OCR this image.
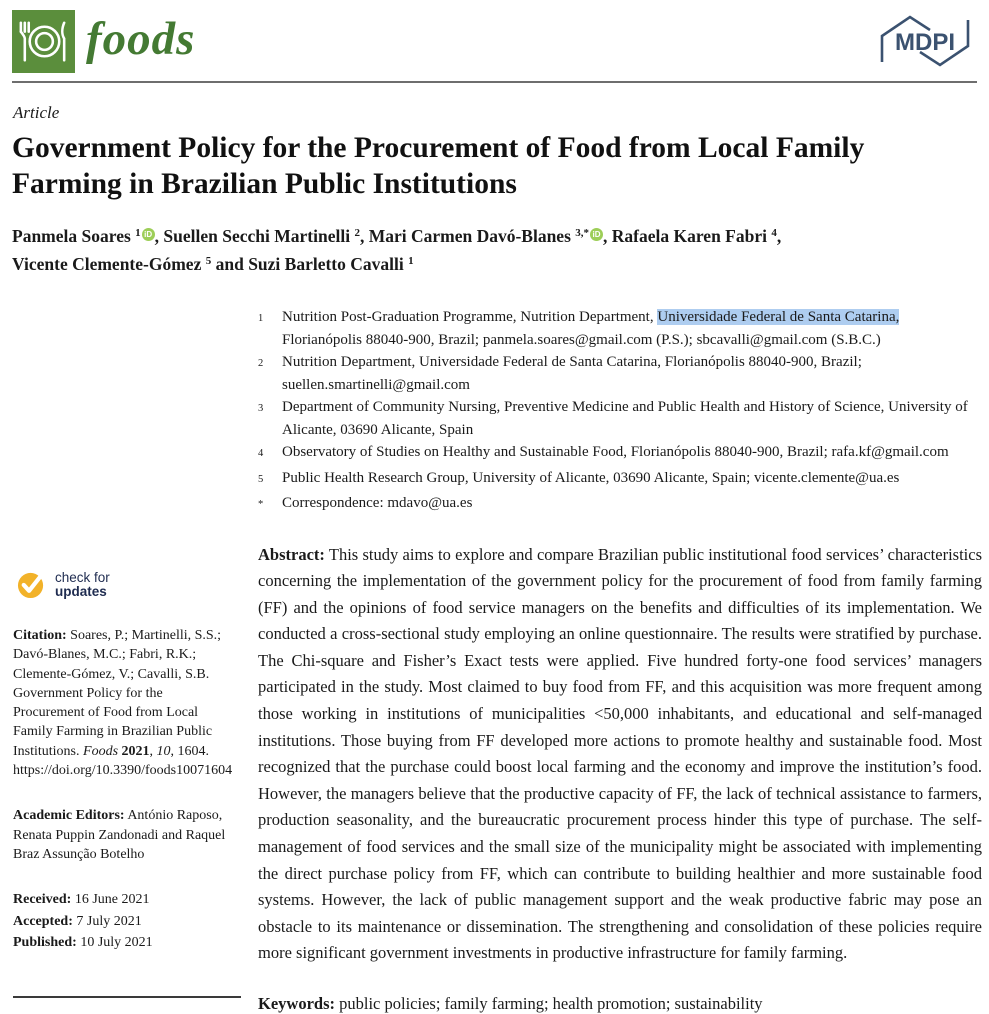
foods	MDPI
Article
Government Policy for the Procurement of Food from Local Family Farming in Brazilian Public Institutions
Panmela Soares $^1$ iD , Suellen Secchi Martinelli $^2$, Mari Carmen Davó-Blanes $^{3,*}$ iD , Rafaela Karen Fabri $^4$,
Vicente Clemente-Gómez $^5$ and Suzi Barletto Cavalli $^1$
1	Nutrition Post-Graduation Programme, Nutrition Department, Universidade Federal de Santa Catarina, Florianópolis 88040-900, Brazil; panmela.soares@gmail.com (P.S.); sbcavalli@gmail.com (S.B.C.)
2	Nutrition Department, Universidade Federal de Santa Catarina, Florianópolis 88040-900, Brazil; suellen.smartinelli@gmail.com
3	Department of Community Nursing, Preventive Medicine and Public Health and History of Science, University of Alicante, 03690 Alicante, Spain
4	Observatory of Studies on Healthy and Sustainable Food, Florianópolis 88040-900, Brazil; rafa.kf@gmail.com
5	Public Health Research Group, University of Alicante, 03690 Alicante, Spain; vicente.clemente@ua.es
*	Correspondence: mdavo@ua.es

Abstract: This study aims to explore and compare Brazilian public institutional food services’ characteristics concerning the implementation of the government policy for the procurement of food from family farming (FF) and the opinions of food service managers on the benefits and difficulties of its implementation. We conducted a cross-sectional study employing an online questionnaire. The results were stratified by purchase. The Chi-square and Fisher’s Exact tests were applied. Five hundred forty-one food services’ managers participated in the study. Most claimed to buy food from FF, and this acquisition was more frequent among those working in institutions of municipalities <50,000 inhabitants, and educational and self-managed institutions. Those buying from FF developed more actions to promote healthy and sustainable food. Most recognized that the purchase could boost local farming and the economy and improve the institution’s food. However, the managers believe that the productive capacity of FF, the lack of technical assistance to farmers, production seasonality, and the bureaucratic procurement process hinder this type of purchase. The self-management of food services and the small size of the municipality might be associated with implementing the direct purchase policy from FF, which can contribute to building healthier and more sustainable food systems. However, the lack of public management support and the weak productive fabric may pose an obstacle to its maintenance or dissemination. The strengthening and consolidation of these policies require more significant government investments in productive infrastructure for family farming.

Keywords: public policies; family farming; health promotion; sustainability

check for
updates
Citation: Soares, P.; Martinelli, S.S.; Davó-Blanes, M.C.; Fabri, R.K.; Clemente-Gómez, V.; Cavalli, S.B. Government Policy for the Procurement of Food from Local Family Farming in Brazilian Public Institutions. Foods 2021, 10, 1604. https://doi.org/10.3390/foods10071604
Academic Editors: António Raposo, Renata Puppin Zandonadi and Raquel Braz Assunção Botelho
Received: 16 June 2021
Accepted: 7 July 2021
Published: 10 July 2021
